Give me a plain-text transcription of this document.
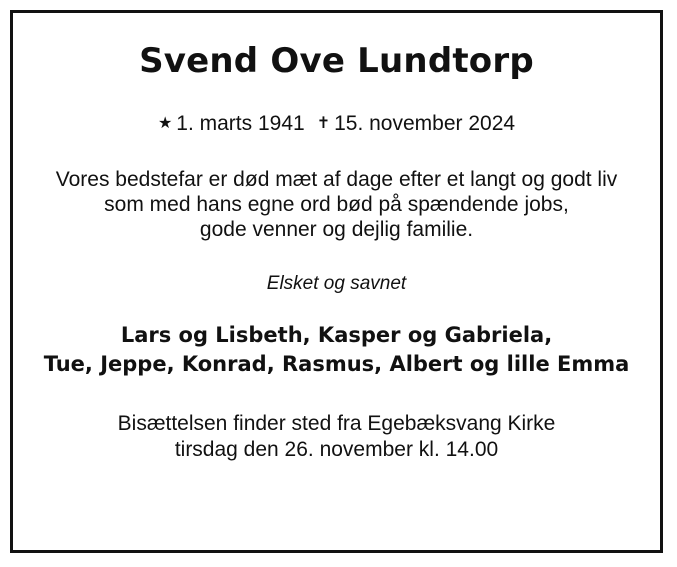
Svend Ove Lundtorp
★ 1. marts 1941 ✝ 15. november 2024
Vores bedstefar er død mæt af dage efter et langt og godt liv
som med hans egne ord bød på spændende jobs,
gode venner og dejlig familie.
Elsket og savnet
Lars og Lisbeth, Kasper og Gabriela,
Tue, Jeppe, Konrad, Rasmus, Albert og lille Emma
Bisættelsen finder sted fra Egebæksvang Kirke
tirsdag den 26. november kl. 14.00
